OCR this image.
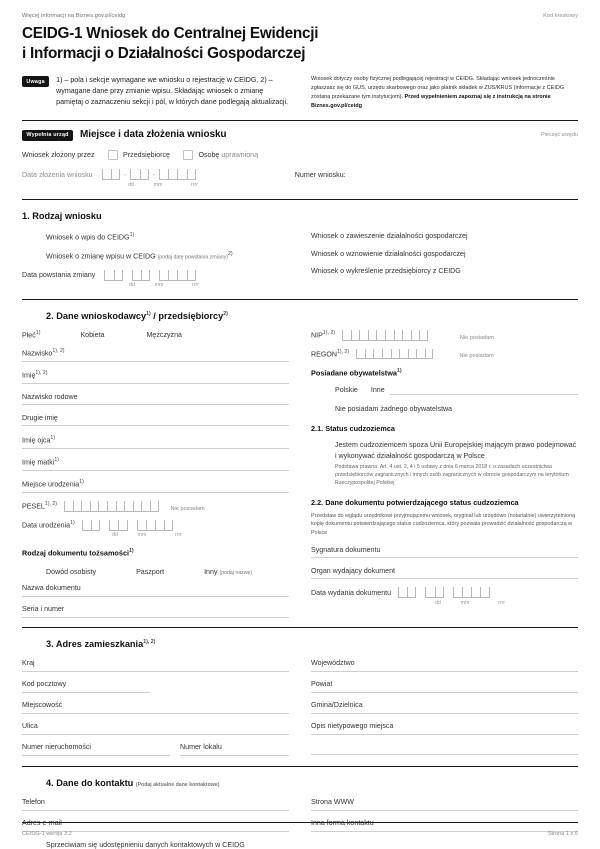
Więcej informacji na Biznes.gov.pl/ceidg	Kod kreskowy
CEIDG-1 Wniosek do Centralnej Ewidencji
i Informacji o Działalności Gospodarczej
Uwaga	1) – pola i sekcje wymagane we wniosku o rejestrację w CEIDG, 2) – wymagane dane przy zmianie wpisu. Składając wniosek o zmianę pamiętaj o zaznaczeniu sekcji i pól, w których dane podlegają aktualizacji.
Wniosek dotyczy osoby fizycznej podlegającej rejestracji w CEIDG. Składając wniosek jednocześnie zgłaszasz się do GUS, urzędu skarbowego oraz jako płatnik składek w ZUS/KRUS (informacje z CEIDG zostaną przekazane tym instytucjom). Przed wypełnieniem zapoznaj się z instrukcją na stronie Biznes.gov.pl/ceidg
Wypełnia urząd	Miejsce i data złożenia wniosku	Pieczęć urzędu
Wniosek złożony przez	Przedsiębiorcę	Osobę uprawnioną
Data złożenia wniosku	-	-	Numer wniosku:
dd	mm	rrrr
1. Rodzaj wniosku
Wniosek o wpis do CEIDG$^{1)}$
Wniosek o zmianę wpisu w CEIDG (podaj datę powstania zmiany)$^{2)}$
Data powstania zmiany
dd	mm	rrrr
Wniosek o zawieszenie działalności gospodarczej
Wniosek o wznowienie działalności gospodarczej
Wniosek o wykreślenie przedsiębiorcy z CEIDG
2. Dane wnioskodawcy$^{1)}$ / przedsiębiorcy$^{2)}$
Płeć$^{1)}$	Kobieta	Mężczyzna
Nazwisko$^{1), 2)}$
Imię$^{1), 2)}$
Nazwisko rodowe
Drugie imię
Imię ojca$^{1)}$
Imię matki$^{1)}$
Miejsce urodzenia$^{1)}$
$PESEL^{1), 2)}$
Nie posiadam
Data urodzenia$^{1)}$
dd	mm	rrrr
Rodzaj dokumentu tożsamości$^{1)}$
Dowód osobisty	Paszport	Inny (podaj nazwę)
Nazwa dokumentu
Seria i numer
$NIP^{1), 2)}$
Nie posiadam
$REGON^{1), 2)}$
Nie posiadam
Posiadane obywatelstwa$^{1)}$
Polskie Inne
Nie posiadam żadnego obywatelstwa
2.1. Status cudzoziemca
Jestem cudzoziemcem spoza Unii Europejskiej mającym prawo podejmować i wykonywać działalność gospodarczą w Polsce
Podstawa prawna: Art. 4 ust. 2, 4 i 5 ustawy z dnia 6 marca 2018 r. o zasadach uczestnictwa przedsiębiorców zagranicznych i innych osób zagranicznych w obrocie gospodarczym na terytorium Rzeczypospolitej Polskiej
2.2. Dane dokumentu potwierdzającego status cudzoziemca
Przedstaw do wglądu urzędnikowi przyjmującemu wniosek, oryginał lub urzędowo (notarialnie) uwierzytelnioną kopię dokumentu potwierdzającego status cudzoziemca, który pozwala prowadzić działalność gospodarczą w Polsce
Sygnatura dokumentu
Organ wydający dokument
Data wydania dokumentu
dd	mm	rrrr
3. Adres zamieszkania$^{1), 2)}$
Kraj
Kod pocztowy
Miejscowość
Ulica
Numer nieruchomości	Numer lokalu
Województwo
Powiat
Gmina/Dzielnica
Opis nietypowego miejsca
4. Dane do kontaktu (Podaj aktualne dane kontaktowe)
Telefon
Adres e-mail
Sprzeciwiam się udostępnieniu danych kontaktowych w CEIDG
Strona WWW
Inna forma kontaktu
CEIDG-1 wersja 3.2	Strona 1 z 6
